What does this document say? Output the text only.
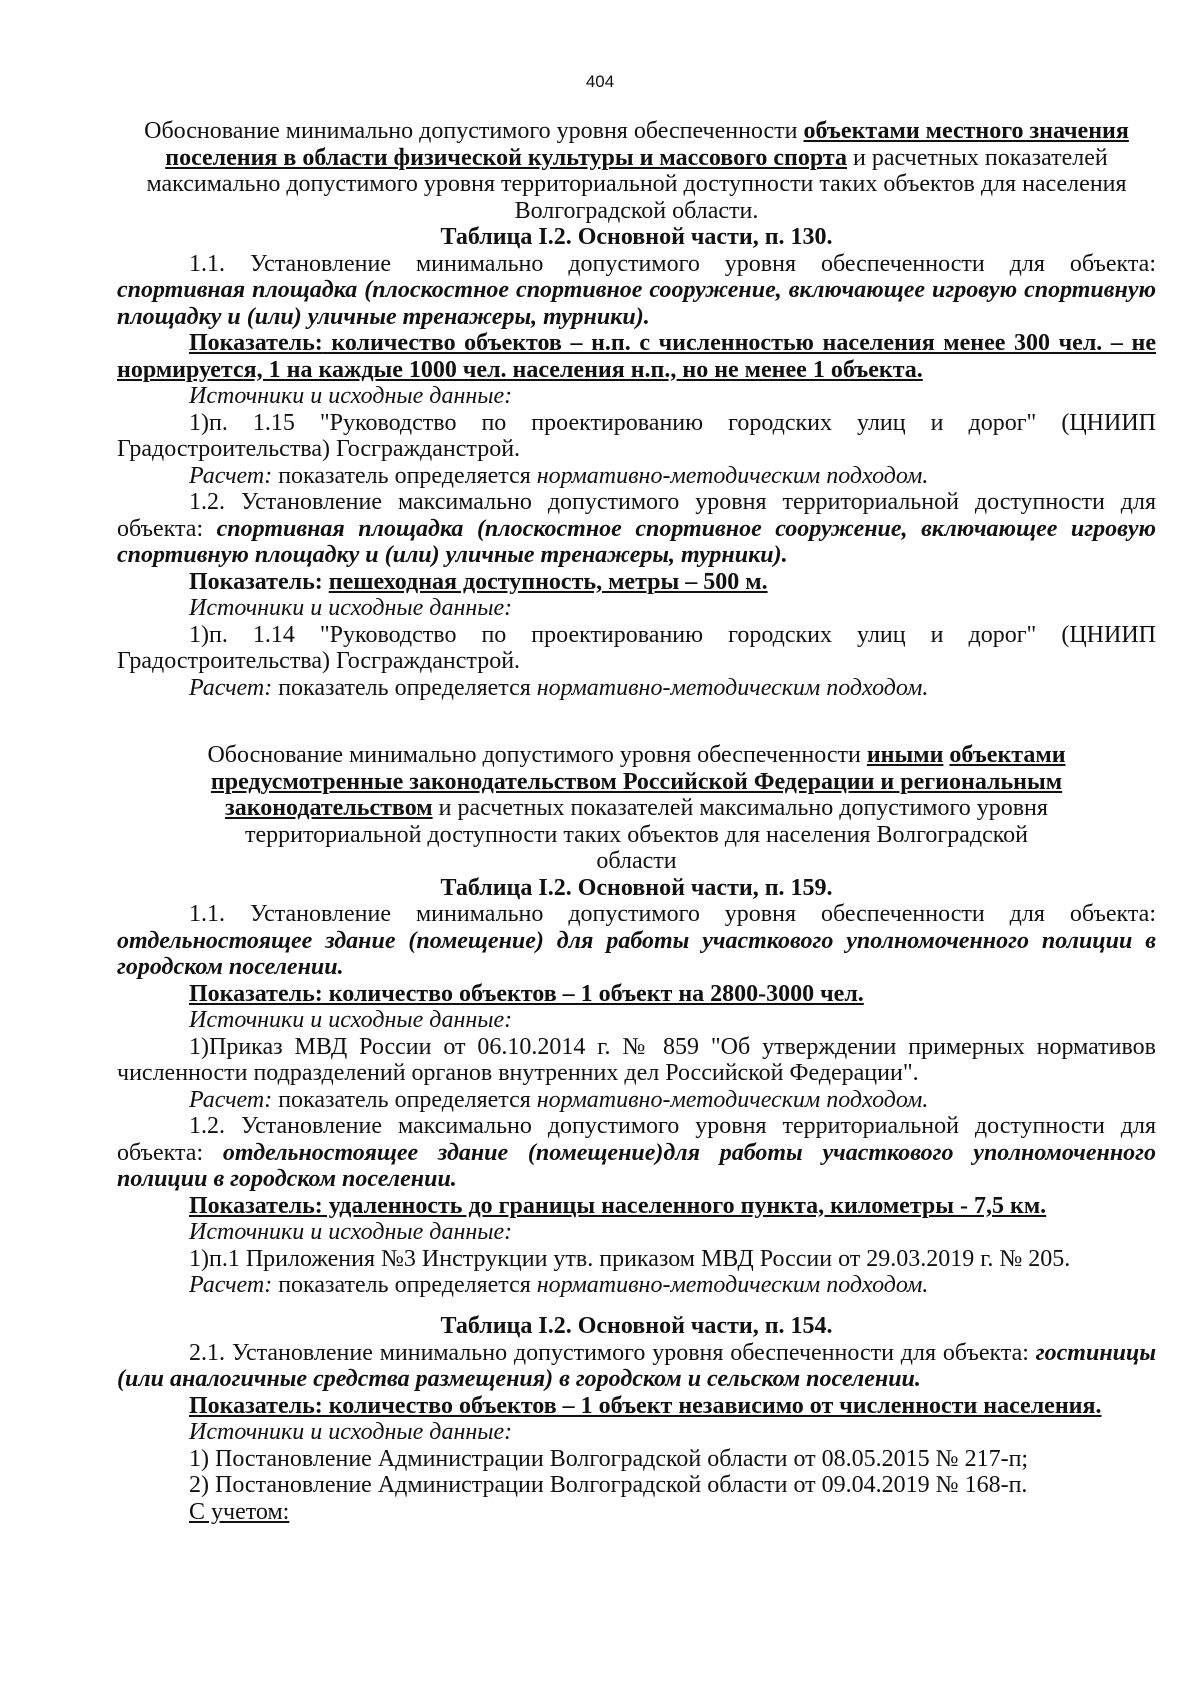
404

Обоснование минимально допустимого уровня обеспеченности объектами местного значения поселения в области физической культуры и массового спорта и расчетных показателей максимально допустимого уровня территориальной доступности таких объектов для населения Волгоградской области.

Таблица I.2. Основной части, п. 130.

1.1. Установление минимально допустимого уровня обеспеченности для объекта: спортивная площадка (плоскостное спортивное сооружение, включающее игровую спортивную площадку и (или) уличные тренажеры, турники).

Показатель: количество объектов – н.п. с численностью населения менее 300 чел. – не нормируется, 1 на каждые 1000 чел. населения н.п., но не менее 1 объекта.

Источники и исходные данные:

1)п. 1.15 "Руководство по проектированию городских улиц и дорог" (ЦНИИП Градостроительства) Госгражданстрой.

Расчет: показатель определяется нормативно-методическим подходом.

1.2. Установление максимально допустимого уровня территориальной доступности для объекта: спортивная площадка (плоскостное спортивное сооружение, включающее игровую спортивную площадку и (или) уличные тренажеры, турники).

Показатель: пешеходная доступность, метры – 500 м.

Источники и исходные данные:

1)п. 1.14 "Руководство по проектированию городских улиц и дорог" (ЦНИИП Градостроительства) Госгражданстрой.

Расчет: показатель определяется нормативно-методическим подходом.

Обоснование минимально допустимого уровня обеспеченности иными объектами предусмотренные законодательством Российской Федерации и региональным законодательством и расчетных показателей максимально допустимого уровня территориальной доступности таких объектов для населения Волгоградской области

Таблица I.2. Основной части, п. 159.

1.1. Установление минимально допустимого уровня обеспеченности для объекта: отдельностоящее здание (помещение) для работы участкового уполномоченного полиции в городском поселении.

Показатель: количество объектов – 1 объект на 2800-3000 чел.

Источники и исходные данные:

1)Приказ МВД России от 06.10.2014 г. № 859 "Об утверждении примерных нормативов численности подразделений органов внутренних дел Российской Федерации".

Расчет: показатель определяется нормативно-методическим подходом.

1.2. Установление максимально допустимого уровня территориальной доступности для объекта: отдельностоящее здание (помещение)для работы участкового уполномоченного полиции в городском поселении.

Показатель: удаленность до границы населенного пункта, километры - 7,5 км.

Источники и исходные данные:

1)п.1 Приложения №3 Инструкции утв. приказом МВД России от 29.03.2019 г. № 205.

Расчет: показатель определяется нормативно-методическим подходом.

Таблица I.2. Основной части, п. 154.

2.1. Установление минимально допустимого уровня обеспеченности для объекта: гостиницы (или аналогичные средства размещения) в городском и сельском поселении.

Показатель: количество объектов – 1 объект независимо от численности населения.

Источники и исходные данные:

1) Постановление Администрации Волгоградской области от 08.05.2015 № 217-п;

2) Постановление Администрации Волгоградской области от 09.04.2019 № 168-п.

С учетом:
